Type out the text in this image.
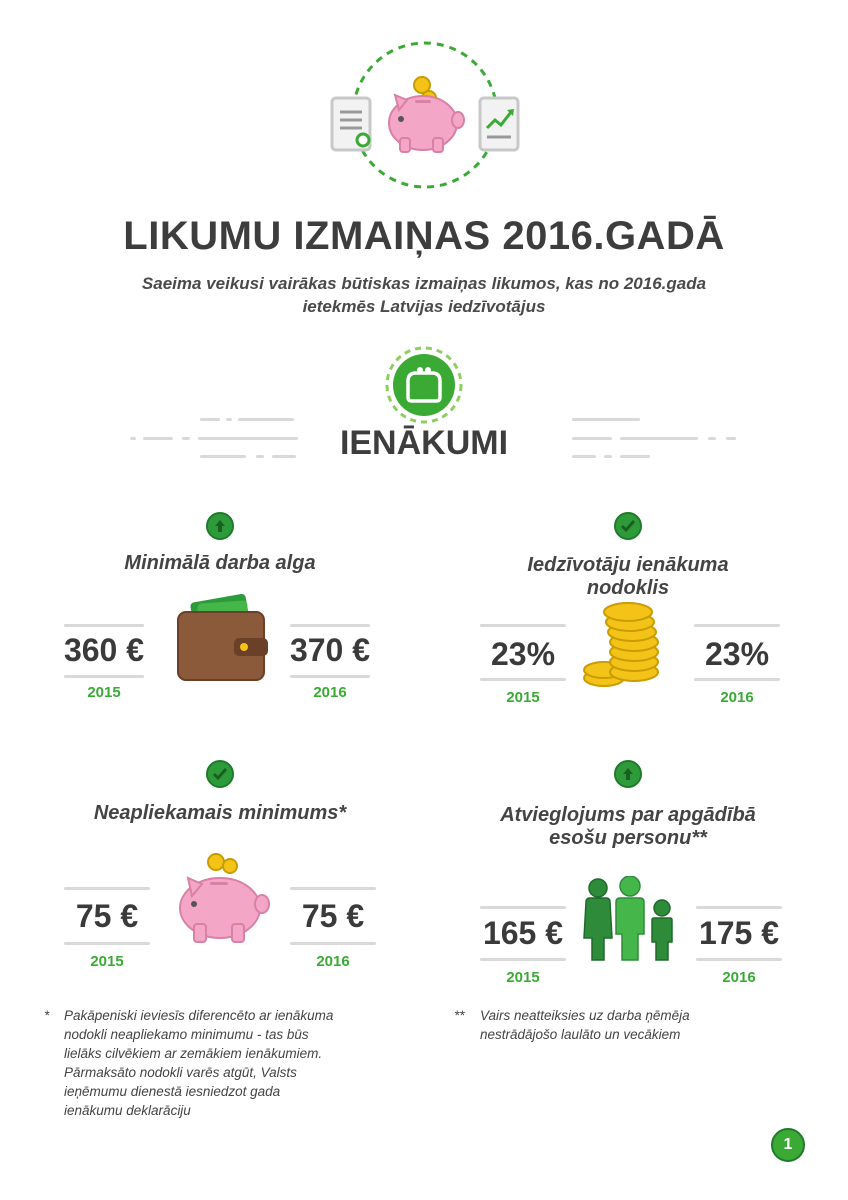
LIKUMU IZMAIŅAS 2016.GADĀ
Saeima veikusi vairākas būtiskas izmaiņas likumos, kas no 2016.gada
ietekmēs Latvijas iedzīvotājus
IENĀKUMI
Minimālā darba alga
360 €	370 €
2015	2016
Iedzīvotāju ienākuma
nodoklis
23%	23%
2015	2016
Neapliekamais minimums*
75 €	75 €
2015	2016
Atvieglojums par apgādībā
esošu personu**
165 €	175 €
2015	2016
* Pakāpeniski ieviesīs diferencēto ar ienākuma
nodokli neapliekamo minimumu - tas būs
lielāks cilvēkiem ar zemākiem ienākumiem.
Pārmaksāto nodokli varēs atgūt, Valsts
ieņēmumu dienestā iesniedzot gada
ienākumu deklarāciju
** Vairs neatteiksies uz darba ņēmēja
nestrādājošo laulāto un vecākiem
1
